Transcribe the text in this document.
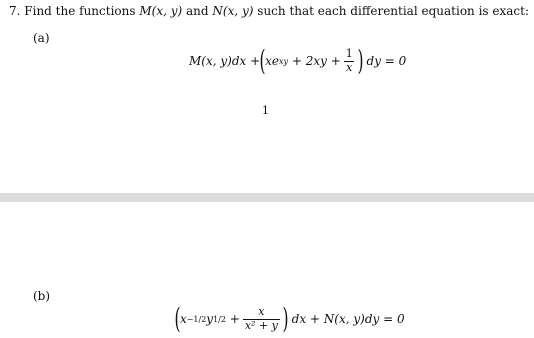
7. Find the functions M(x, y) and N(x, y) such that each differential equation is exact:
(a)
M(x, y)dx + ( xe xy
+ $2xy + \frac{1}{x}$ )
dy = 0
1
(b)
( x −1/2 y 1/2
+ $\frac{x}{\text{x² + y}}$ )
dx + N(x, y)dy = 0
